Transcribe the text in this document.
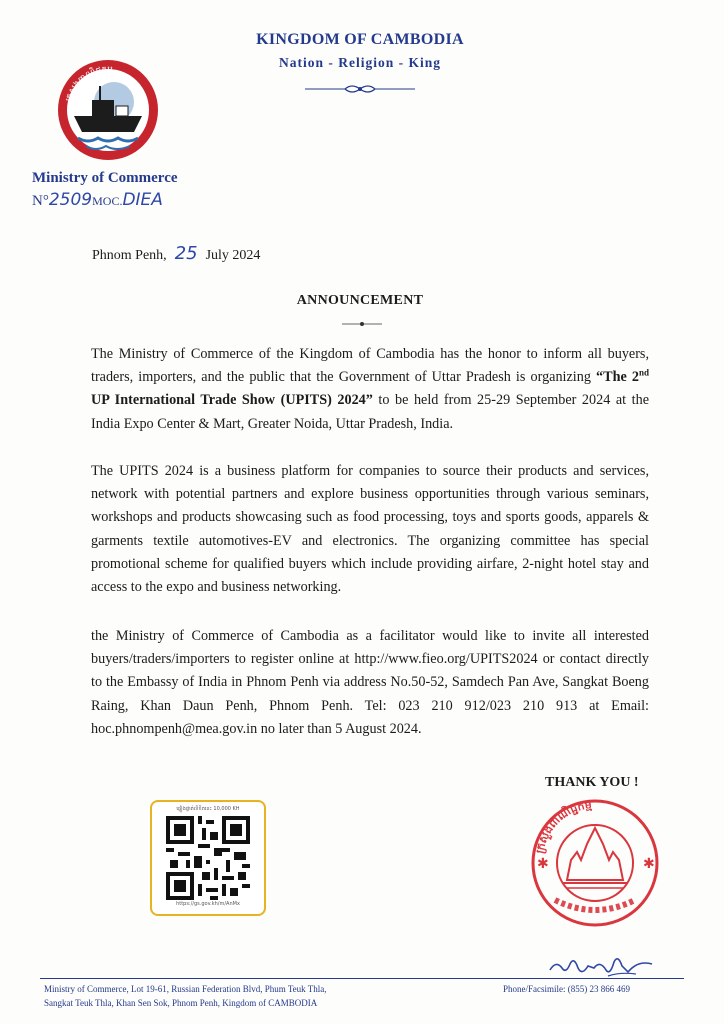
KINGDOM OF CAMBODIA
Nation - Religion - King
ក្រសួងពាណិជ្ជកម្ម
Ministry of Commerce
N°2509MOC.DIEA
Phnom Penh, 25 July 2024
ANNOUNCEMENT
The Ministry of Commerce of the Kingdom of Cambodia has the honor to inform all buyers, traders, importers, and the public that the Government of Uttar Pradesh is organizing “The 2nd UP International Trade Show (UPITS) 2024” to be held from 25-29 September 2024 at the India Expo Center & Mart, Greater Noida, Uttar Pradesh, India.
The UPITS 2024 is a business platform for companies to source their products and services, network with potential partners and explore business opportunities through various seminars, workshops and products showcasing such as food processing, toys and sports goods, apparels & garments textile automotives-EV and electronics. The organizing committee has special promotional scheme for qualified buyers which include providing airfare, 2-night hotel stay and access to the expo and business networking.
the Ministry of Commerce of Cambodia as a facilitator would like to invite all interested buyers/traders/importers to register online at http://www.fieo.org/UPITS2024 or contact directly to the Embassy of India in Phnom Penh via address No.50-52, Samdech Pan Ave, Sangkat Boeng Raing, Khan Daun Penh, Phnom Penh. Tel: 023 210 912/023 210 913 at Email: hoc.phnompenh@mea.gov.in no later than 5 August 2024.
THANK YOU !
ក្រសួងពាណិជ្ជកម្ម
✱	✱
ផ្ទៀងផ្ទាត់លិខិតនេះ 10,000 KH
https://gs.gov.kh/m/AnMx
Ministry of Commerce, Lot 19-61, Russian Federation Blvd, Phum Teuk Thla,
Sangkat Teuk Thla, Khan Sen Sok, Phnom Penh, Kingdom of CAMBODIA
Phone/Facsimile: (855) 23 866 469
